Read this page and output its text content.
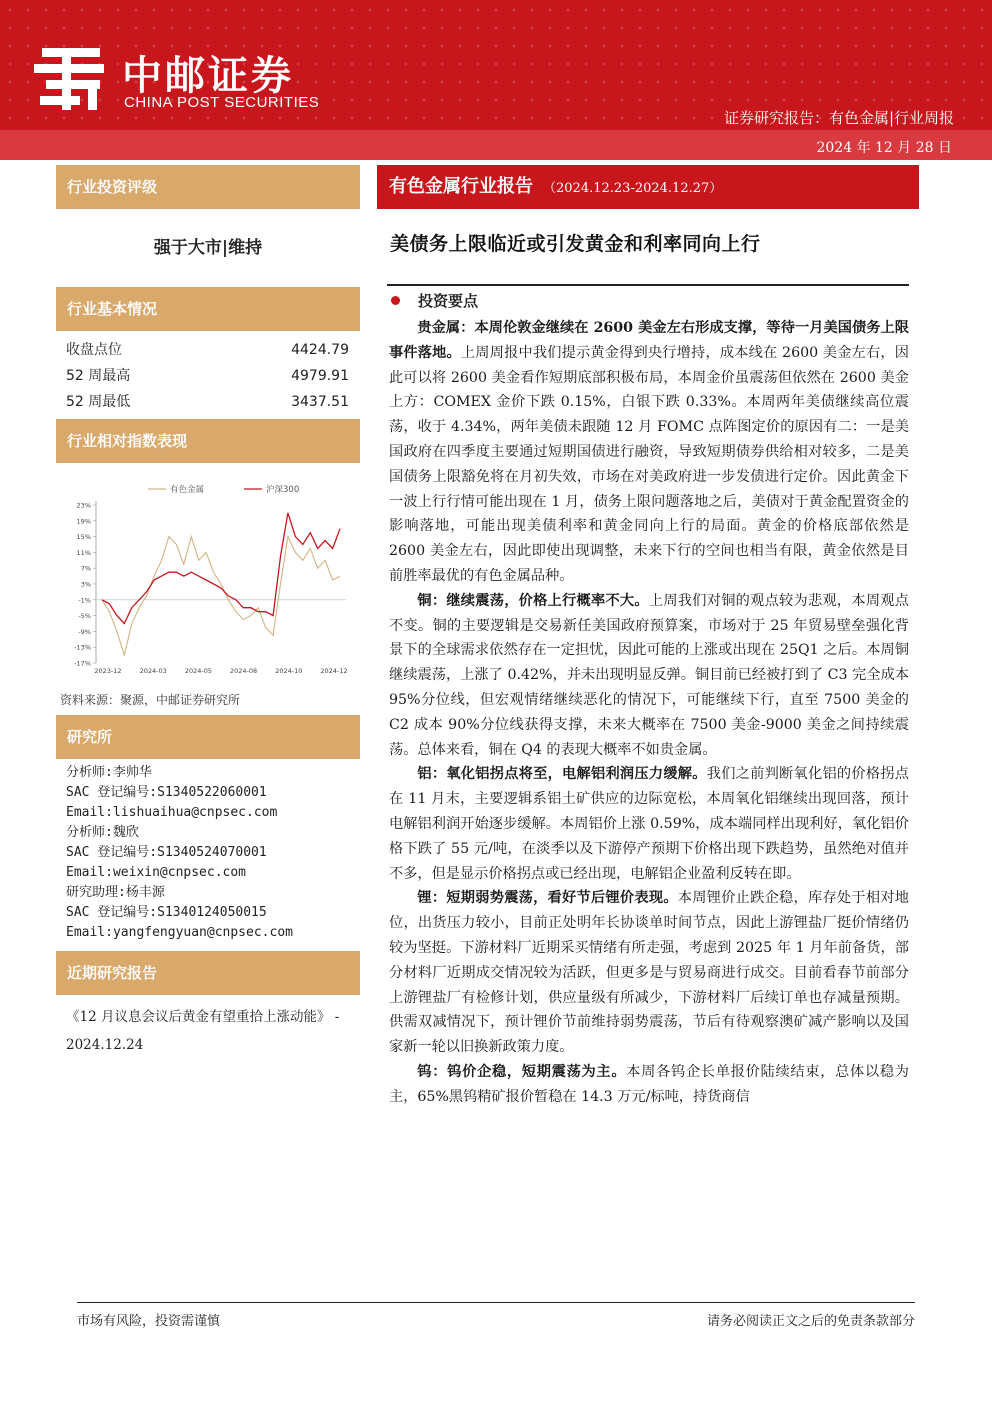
中邮证券
CHINA POST SECURITIES
证券研究报告：有色金属|行业周报
2024 年 12 月 28 日
行业投资评级
强于大市|维持
行业基本情况
收盘点位	4424.79
52 周最高	4979.91
52 周最低	3437.51
行业相对指数表现
23%
19%
15%
11%
7%
3%
-1%
-5%
-9%
-13%
-17%
2023-12	2024-03	2024-05	2024-08	2024-10	2024-12
有色金属	沪深300
资料来源：聚源，中邮证券研究所
研究所
分析师:李帅华
SAC 登记编号:S1340522060001
Email:lishuaihua@cnpsec.com
分析师:魏欣
SAC 登记编号:S1340524070001
Email:weixin@cnpsec.com
研究助理:杨丰源
SAC 登记编号:S1340124050015
Email:yangfengyuan@cnpsec.com
近期研究报告
《12 月议息会议后黄金有望重拾上涨动能》 - 2024.12.24
有色金属行业报告 （2024.12.23-2024.12.27）
美债务上限临近或引发黄金和利率同向上行
投资要点

贵金属：本周伦敦金继续在 2600 美金左右形成支撑，等待一月美国债务上限事件落地。上周周报中我们提示黄金得到央行增持，成本线在 2600 美金左右，因此可以将 2600 美金看作短期底部积极布局，本周金价虽震荡但依然在 2600 美金上方：COMEX 金价下跌 0.15%，白银下跌 0.33%。本周两年美债继续高位震荡，收于 4.34%，两年美债未跟随 12 月 FOMC 点阵图定价的原因有二：一是美国政府在四季度主要通过短期国债进行融资，导致短期债券供给相对较多，二是美国债务上限豁免将在月初失效，市场在对美政府进一步发债进行定价。因此黄金下一波上行行情可能出现在 1 月，债务上限问题落地之后，美债对于黄金配置资金的影响落地，可能出现美债利率和黄金同向上行的局面。黄金的价格底部依然是 2600 美金左右，因此即使出现调整，未来下行的空间也相当有限，黄金依然是目前胜率最优的有色金属品种。

铜：继续震荡，价格上行概率不大。上周我们对铜的观点较为悲观，本周观点不变。铜的主要逻辑是交易新任美国政府预算案，市场对于 25 年贸易壁垒强化背景下的全球需求依然存在一定担忧，因此可能的上涨或出现在 25Q1 之后。本周铜继续震荡，上涨了 0.42%，并未出现明显反弹。铜目前已经被打到了 C3 完全成本 95%分位线，但宏观情绪继续恶化的情况下，可能继续下行，直至 7500 美金的 C2 成本 90%分位线获得支撑，未来大概率在 7500 美金-9000 美金之间持续震荡。总体来看，铜在 Q4 的表现大概率不如贵金属。

铝：氧化铝拐点将至，电解铝利润压力缓解。我们之前判断氧化铝的价格拐点在 11 月末，主要逻辑系铝土矿供应的边际宽松，本周氧化铝继续出现回落，预计电解铝利润开始逐步缓解。本周铝价上涨 0.59%，成本端同样出现利好，氧化铝价格下跌了 55 元/吨，在淡季以及下游停产预期下价格出现下跌趋势，虽然绝对值并不多，但是显示价格拐点或已经出现，电解铝企业盈利反转在即。

锂：短期弱势震荡，看好节后锂价表现。本周锂价止跌企稳，库存处于相对地位，出货压力较小，目前正处明年长协谈单时间节点，因此上游锂盐厂挺价情绪仍较为坚挺。下游材料厂近期采买情绪有所走强，考虑到 2025 年 1 月年前备货，部分材料厂近期成交情况较为活跃，但更多是与贸易商进行成交。目前看春节前部分上游锂盐厂有检修计划，供应量级有所减少，下游材料厂后续订单也存减量预期。供需双减情况下，预计锂价节前维持弱势震荡，节后有待观察澳矿减产影响以及国家新一轮以旧换新政策力度。

钨：钨价企稳，短期震荡为主。本周各钨企长单报价陆续结束，总体以稳为主，65%黑钨精矿报价暂稳在 14.3 万元/标吨，持货商信

市场有风险，投资需谨慎	请务必阅读正文之后的免责条款部分
